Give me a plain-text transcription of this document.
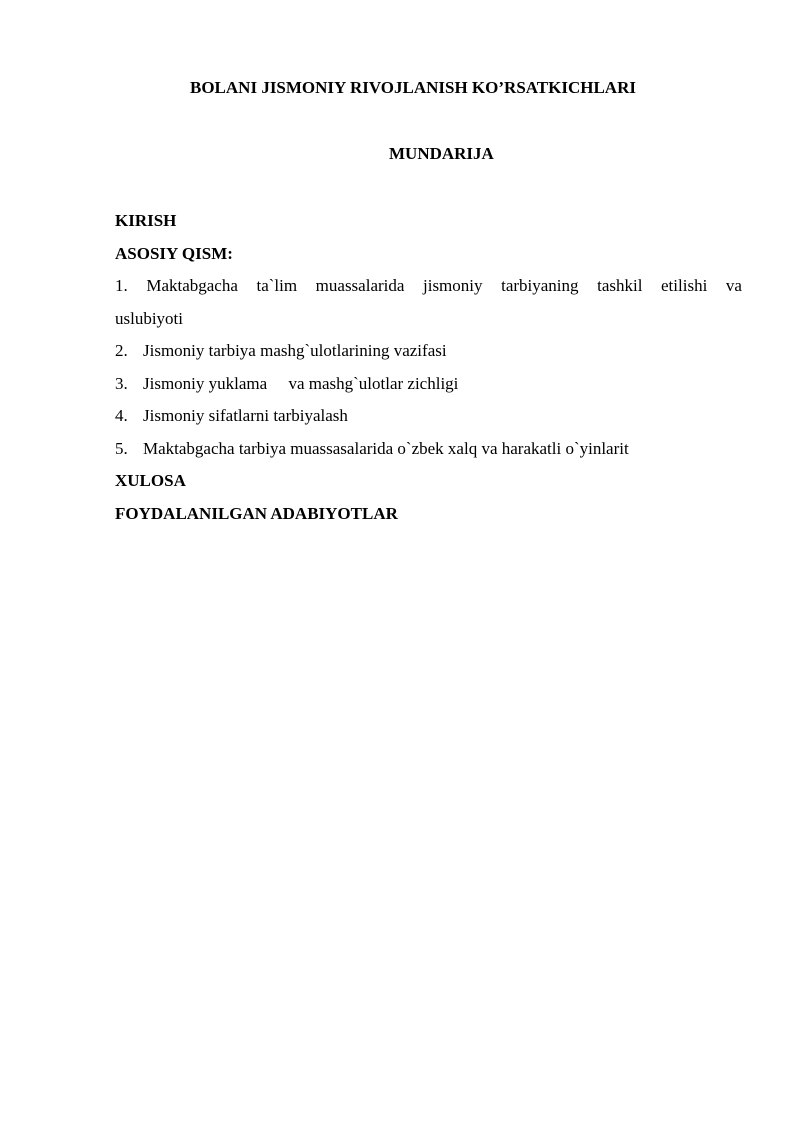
BOLANI JISMONIY RIVOJLANISH KO’RSATKICHLARI
MUNDARIJA
KIRISH
ASOSIY QISM:
1. Maktabgacha ta`lim muassalarida jismoniy tarbiyaning tashkil etilishi va
uslubiyoti
2. Jismoniy tarbiya mashg`ulotlarining vazifasi
3. Jismoniy yuklama     va mashg`ulotlar zichligi
4. Jismoniy sifatlarni tarbiyalash
5. Maktabgacha tarbiya muassasalarida o`zbek xalq va harakatli o`yinlarit
XULOSA
FOYDALANILGAN ADABIYOTLAR
